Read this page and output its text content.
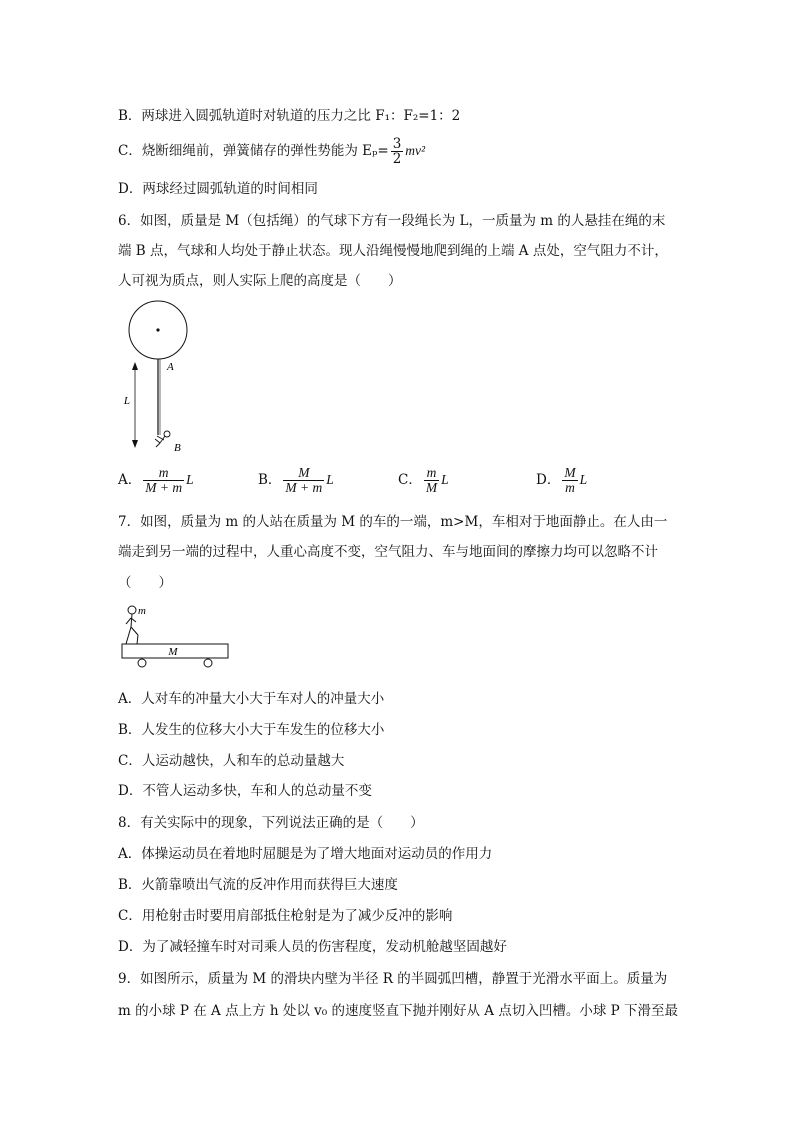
B．两球进入圆弧轨道时对轨道的压力之比 F₁：F₂=1：2
C．烧断细绳前，弹簧储存的弹性势能为 $E_p= \frac{3}{2} mv^2$
D．两球经过圆弧轨道的时间相同
6．如图，质量是 M（包括绳）的气球下方有一段绳长为 L，一质量为 m 的人悬挂在绳的末
端 B 点，气球和人均处于静止状态。现人沿绳慢慢地爬到绳的上端 A 点处，空气阻力不计，
人可视为质点，则人实际上爬的高度是（　　）
A
L
B
A． $\frac{m}{M + m}$ L	B． $\frac{M}{M + m}$ L	C． $\frac{m}{M}$ L	D． $\frac{M}{m}$ L
7．如图，质量为 m 的人站在质量为 M 的车的一端，m>M，车相对于地面静止。在人由一
端走到另一端的过程中，人重心高度不变，空气阻力、车与地面间的摩擦力均可以忽略不计
（　　）
m
M
A．人对车的冲量大小大于车对人的冲量大小
B．人发生的位移大小大于车发生的位移大小
C．人运动越快，人和车的总动量越大
D．不管人运动多快，车和人的总动量不变
8．有关实际中的现象，下列说法正确的是（　　）
A．体操运动员在着地时屈腿是为了增大地面对运动员的作用力
B．火箭靠喷出气流的反冲作用而获得巨大速度
C．用枪射击时要用肩部抵住枪射是为了减少反冲的影响
D．为了减轻撞车时对司乘人员的伤害程度，发动机舱越坚固越好
9．如图所示，质量为 M 的滑块内壁为半径 R 的半圆弧凹槽，静置于光滑水平面上。质量为
m 的小球 P 在 A 点上方 h 处以 v₀ 的速度竖直下抛并刚好从 A 点切入凹槽。小球 P 下滑至最
